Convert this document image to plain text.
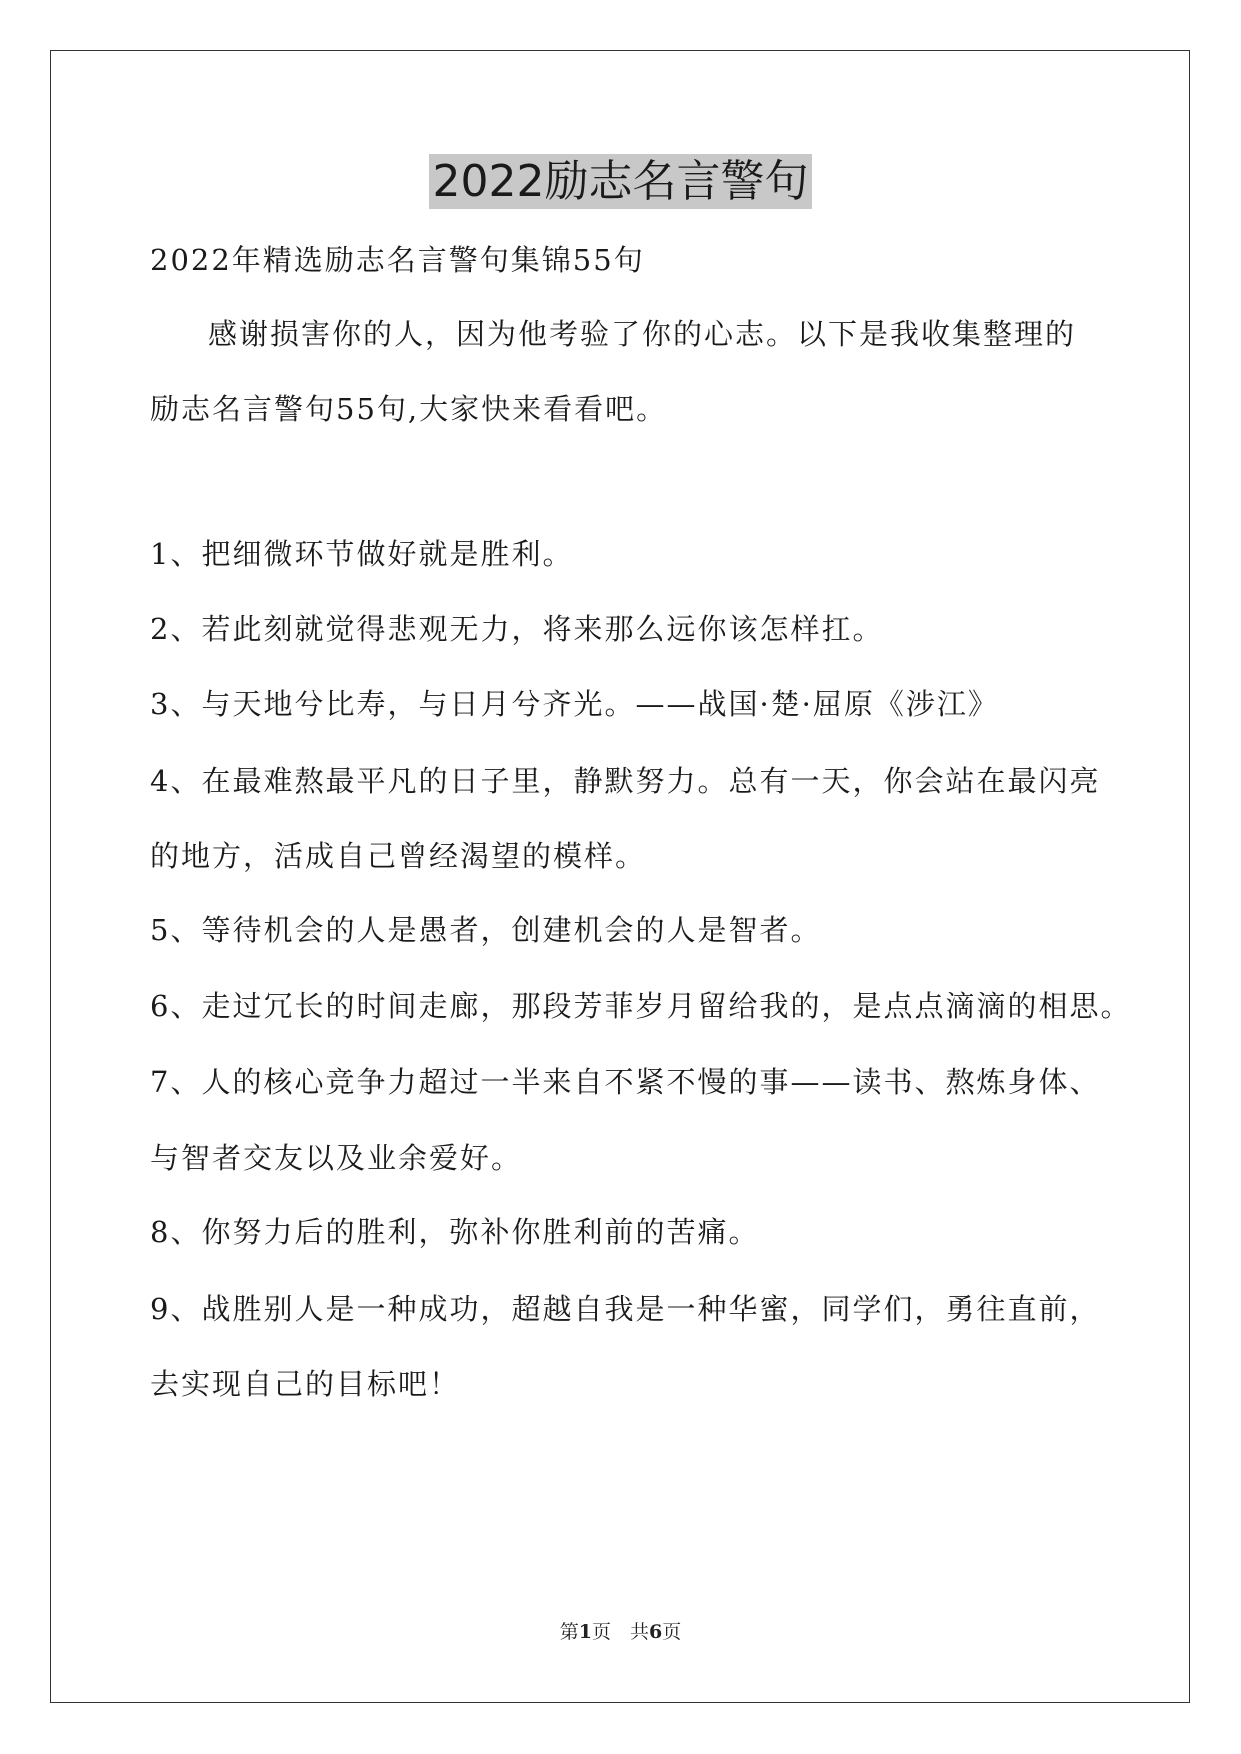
2022励志名言警句
2022年精选励志名言警句集锦55句
感谢损害你的人，因为他考验了你的心志。以下是我收集整理的
励志名言警句55句,大家快来看看吧。
1、把细微环节做好就是胜利。
2、若此刻就觉得悲观无力，将来那么远你该怎样扛。
3、与天地兮比寿，与日月兮齐光。——战国·楚·屈原《涉江》
4、在最难熬最平凡的日子里，静默努力。总有一天，你会站在最闪亮
的地方，活成自己曾经渴望的模样。
5、等待机会的人是愚者，创建机会的人是智者。
6、走过冗长的时间走廊，那段芳菲岁月留给我的，是点点滴滴的相思。
7、人的核心竞争力超过一半来自不紧不慢的事——读书、熬炼身体、
与智者交友以及业余爱好。
8、你努力后的胜利，弥补你胜利前的苦痛。
9、战胜别人是一种成功，超越自我是一种华蜜，同学们，勇往直前，
去实现自己的目标吧！
第1页　共6页
